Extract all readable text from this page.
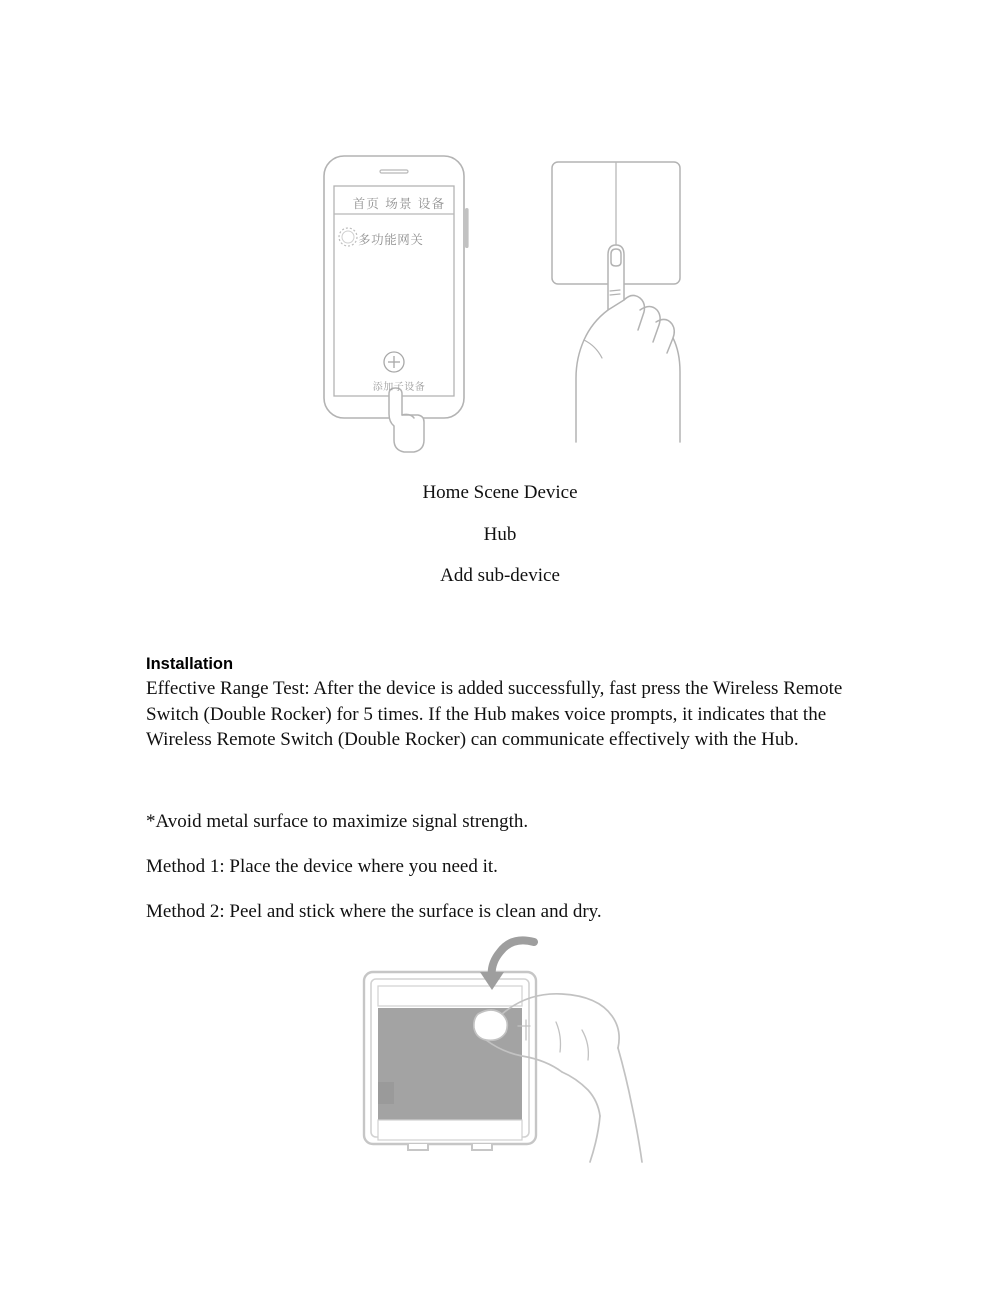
首页 场景 设备
多功能网关
添加子设备

Home Scene Device

Hub

Add sub-device

Installation

Effective Range Test: After the device is added successfully, fast press the Wireless Remote Switch (Double Rocker) for 5 times. If the Hub makes voice prompts, it indicates that the Wireless Remote Switch (Double Rocker) can communicate effectively with the Hub.

*Avoid metal surface to maximize signal strength.

Method 1: Place the device where you need it.

Method 2: Peel and stick where the surface is clean and dry.
